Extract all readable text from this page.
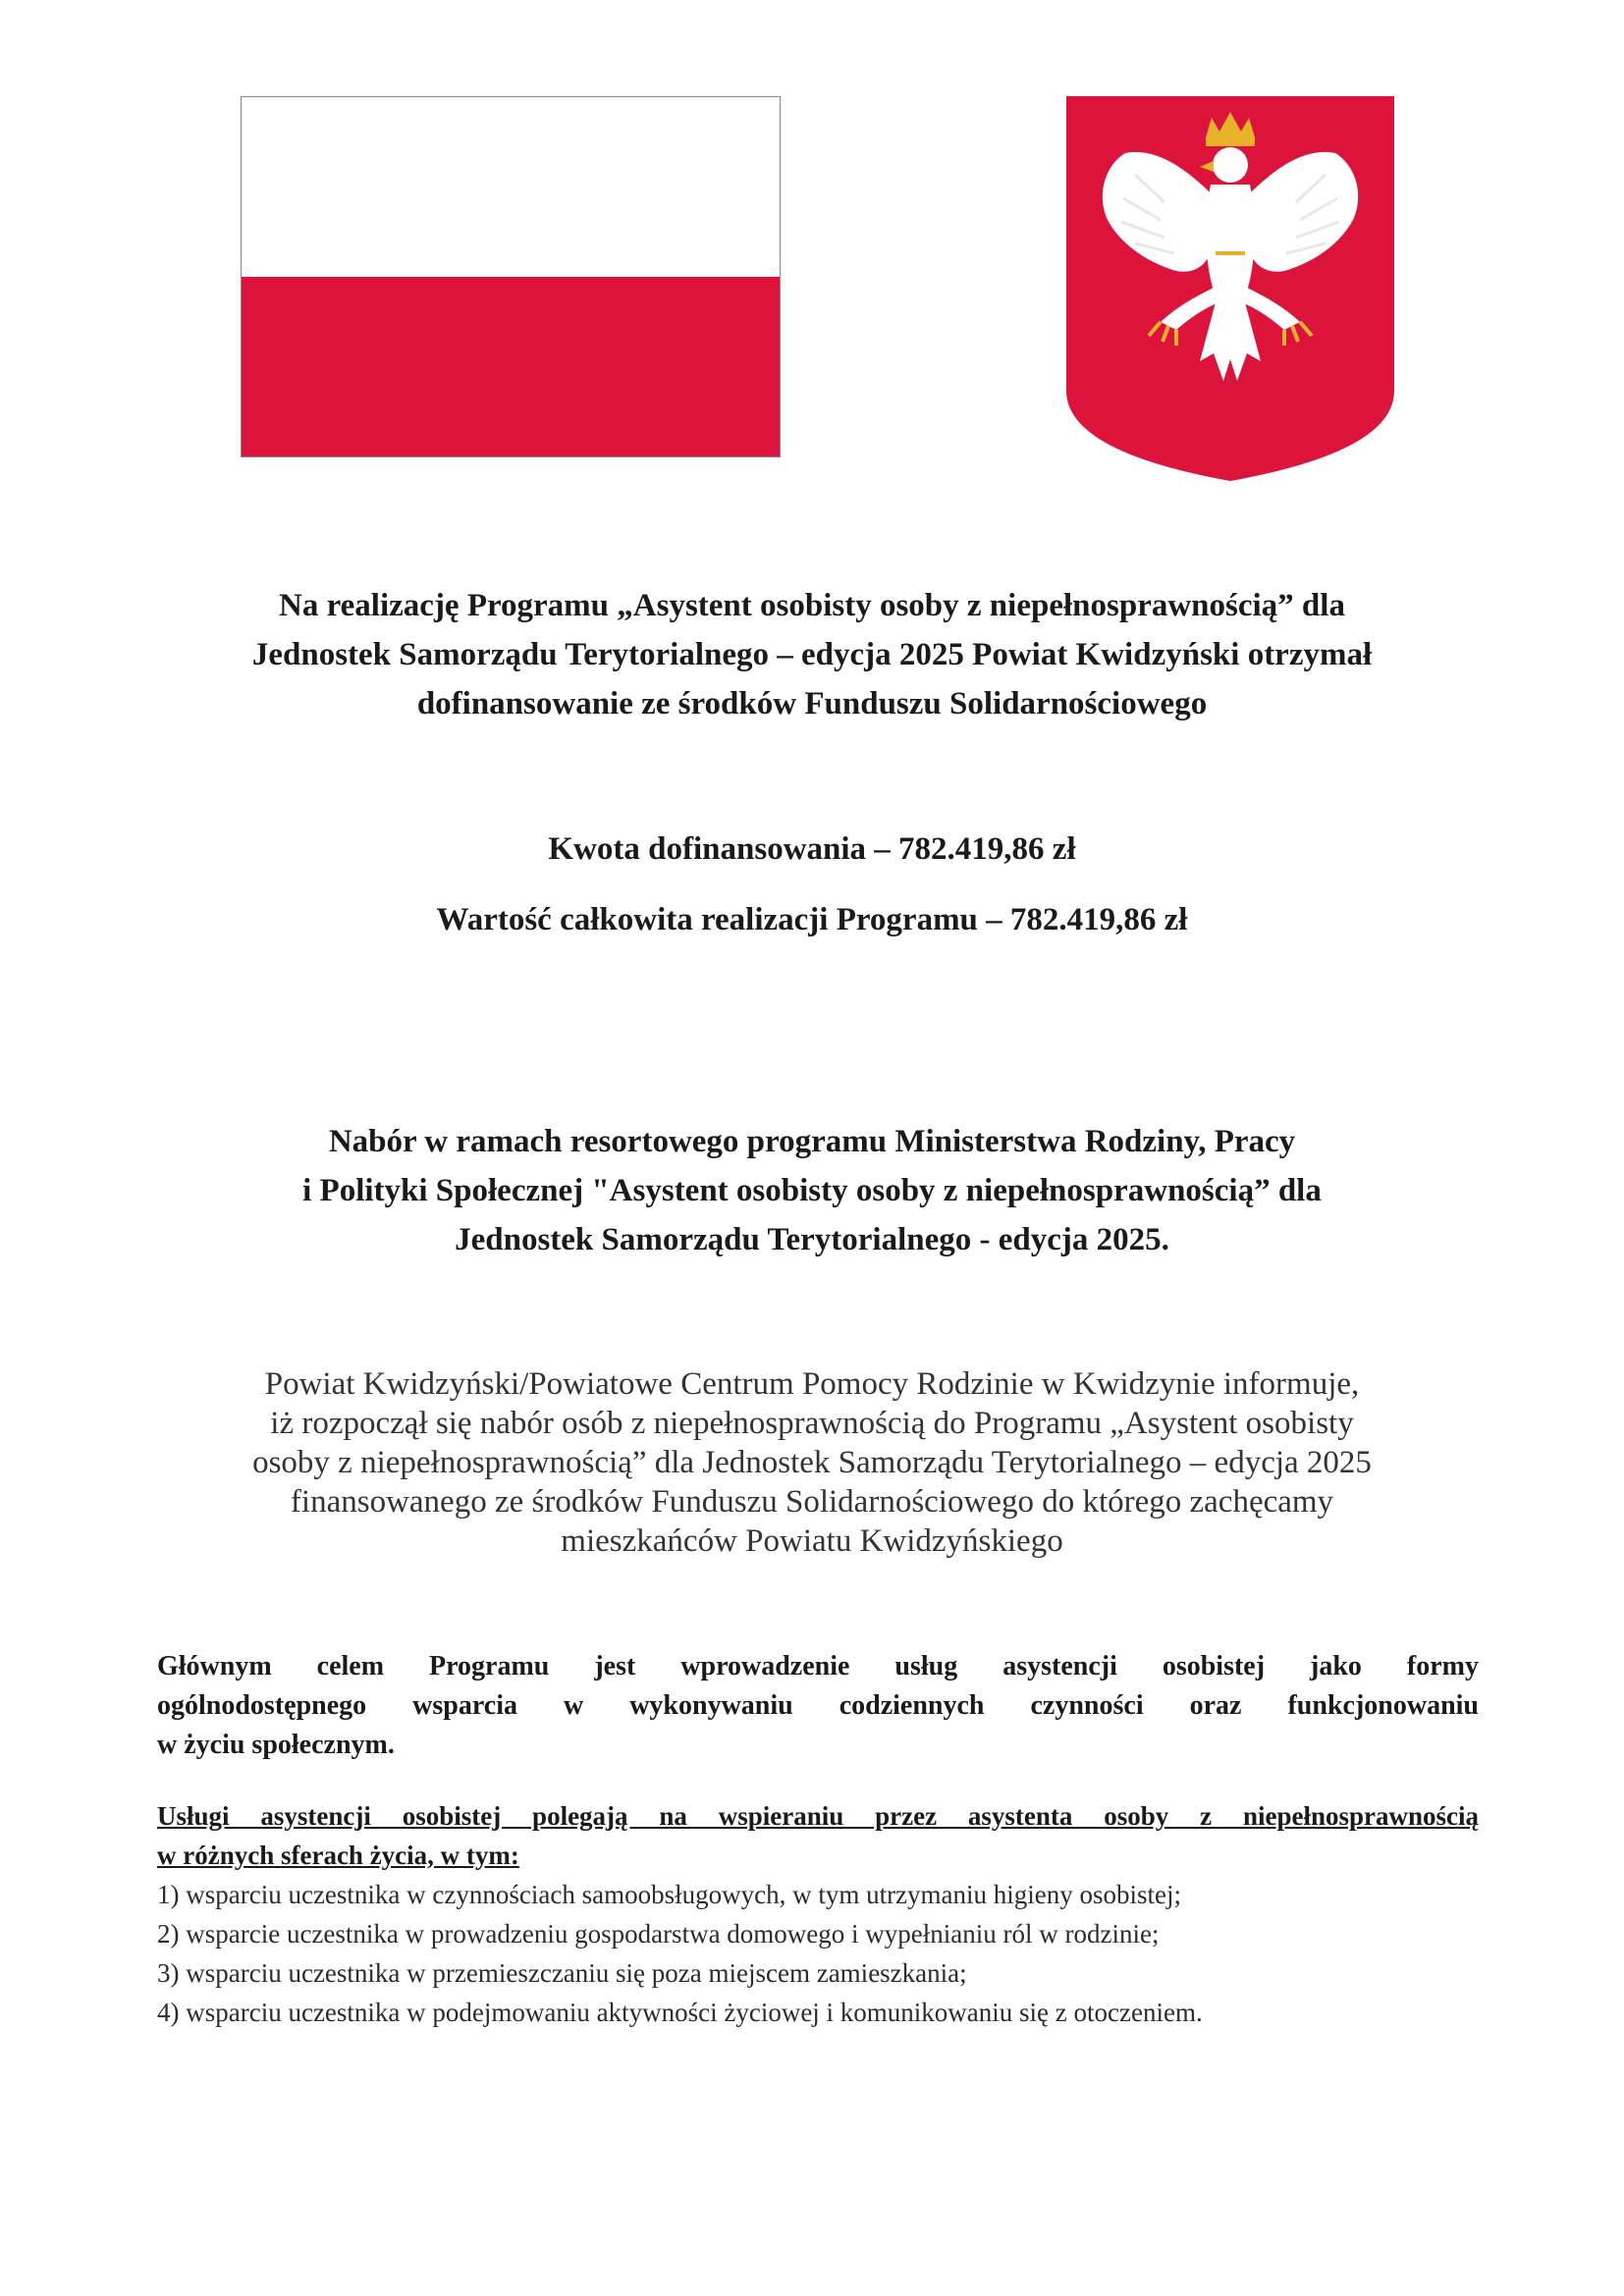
Na realizację Programu „Asystent osobisty osoby z niepełnosprawnością” dla
Jednostek Samorządu Terytorialnego – edycja 2025 Powiat Kwidzyński otrzymał
dofinansowanie ze środków Funduszu Solidarnościowego

Kwota dofinansowania – 782.419,86 zł

Wartość całkowita realizacji Programu – 782.419,86 zł

Nabór w ramach resortowego programu Ministerstwa Rodziny, Pracy
i Polityki Społecznej "Asystent osobisty osoby z niepełnosprawnością” dla
Jednostek Samorządu Terytorialnego - edycja 2025.

Powiat Kwidzyński/Powiatowe Centrum Pomocy Rodzinie w Kwidzynie informuje,
iż rozpoczął się nabór osób z niepełnosprawnością do Programu „Asystent osobisty
osoby z niepełnosprawnością” dla Jednostek Samorządu Terytorialnego – edycja 2025
finansowanego ze środków Funduszu Solidarnościowego do którego zachęcamy
mieszkańców Powiatu Kwidzyńskiego

Głównym celem Programu jest wprowadzenie usług asystencji osobistej jako formy
ogólnodostępnego wsparcia w wykonywaniu codziennych czynności oraz funkcjonowaniu
w życiu społecznym.

Usługi asystencji osobistej polegają na wspieraniu przez asystenta osoby z niepełnosprawnością
w różnych sferach życia, w tym:
1) wsparciu uczestnika w czynnościach samoobsługowych, w tym utrzymaniu higieny osobistej;
2) wsparcie uczestnika w prowadzeniu gospodarstwa domowego i wypełnianiu ról w rodzinie;
3) wsparciu uczestnika w przemieszczaniu się poza miejscem zamieszkania;
4) wsparciu uczestnika w podejmowaniu aktywności życiowej i komunikowaniu się z otoczeniem.
